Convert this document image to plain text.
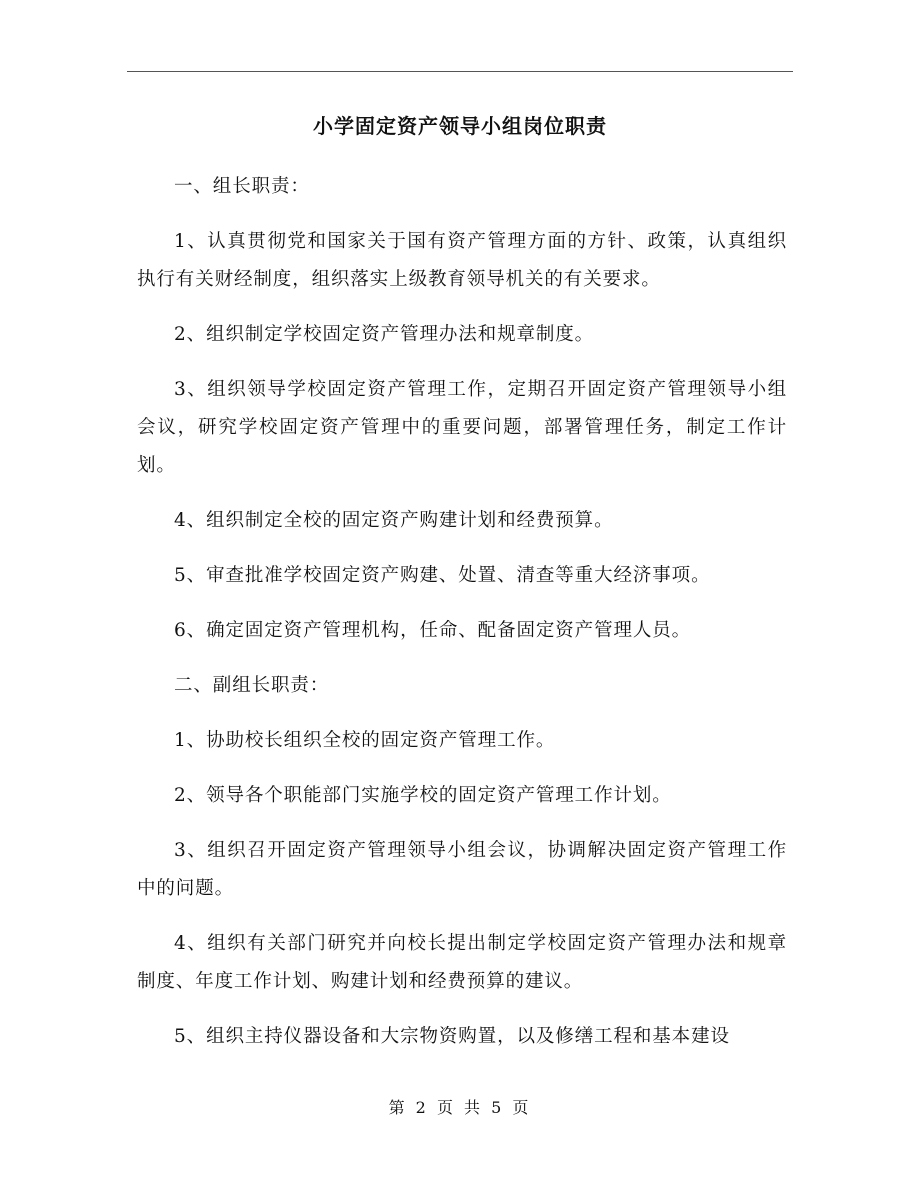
小学固定资产领导小组岗位职责

一、组长职责：

1、认真贯彻党和国家关于国有资产管理方面的方针、政策，认真组织执行有关财经制度，组织落实上级教育领导机关的有关要求。

2、组织制定学校固定资产管理办法和规章制度。

3、组织领导学校固定资产管理工作，定期召开固定资产管理领导小组会议，研究学校固定资产管理中的重要问题，部署管理任务，制定工作计划。

4、组织制定全校的固定资产购建计划和经费预算。

5、审查批准学校固定资产购建、处置、清查等重大经济事项。

6、确定固定资产管理机构，任命、配备固定资产管理人员。

二、副组长职责：

1、协助校长组织全校的固定资产管理工作。

2、领导各个职能部门实施学校的固定资产管理工作计划。

3、组织召开固定资产管理领导小组会议，协调解决固定资产管理工作中的问题。

4、组织有关部门研究并向校长提出制定学校固定资产管理办法和规章制度、年度工作计划、购建计划和经费预算的建议。

5、组织主持仪器设备和大宗物资购置，以及修缮工程和基本建设

第 2 页 共 5 页
